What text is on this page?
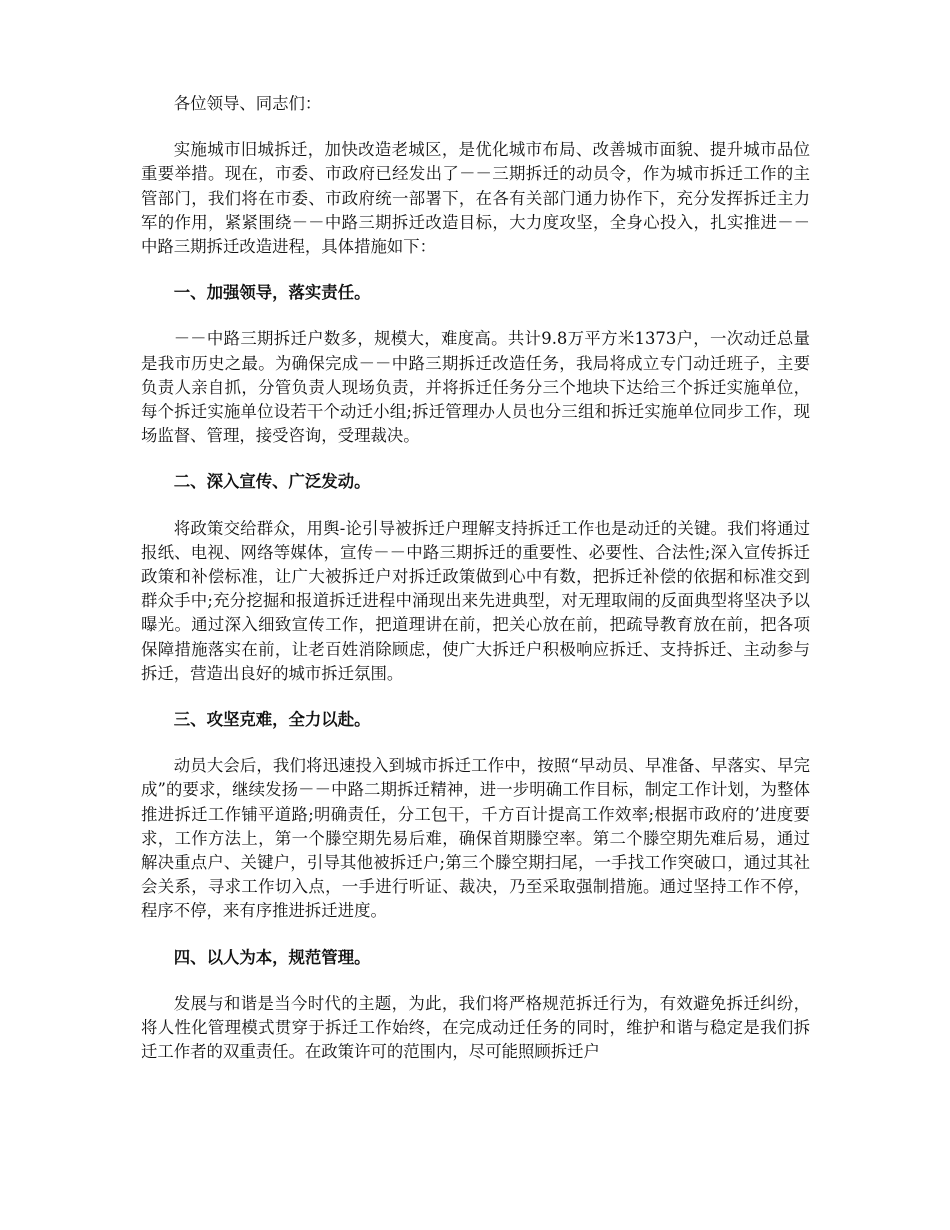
各位领导、同志们：

实施城市旧城拆迁，加快改造老城区，是优化城市布局、改善城市面貌、提升城市品位重要举措。现在，市委、市政府已经发出了－－三期拆迁的动员令，作为城市拆迁工作的主管部门，我们将在市委、市政府统一部署下，在各有关部门通力协作下，充分发挥拆迁主力军的作用，紧紧围绕－－中路三期拆迁改造目标，大力度攻坚，全身心投入，扎实推进－－中路三期拆迁改造进程，具体措施如下：

一、加强领导，落实责任。

－－中路三期拆迁户数多，规模大，难度高。共计9.8万平方米1373户，一次动迁总量是我市历史之最。为确保完成－－中路三期拆迁改造任务，我局将成立专门动迁班子，主要负责人亲自抓，分管负责人现场负责，并将拆迁任务分三个地块下达给三个拆迁实施单位，每个拆迁实施单位设若干个动迁小组;拆迁管理办人员也分三组和拆迁实施单位同步工作，现场监督、管理，接受咨询，受理裁决。

二、深入宣传、广泛发动。

将政策交给群众，用舆-论引导被拆迁户理解支持拆迁工作也是动迁的关键。我们将通过报纸、电视、网络等媒体，宣传－－中路三期拆迁的重要性、必要性、合法性;深入宣传拆迁政策和补偿标准，让广大被拆迁户对拆迁政策做到心中有数，把拆迁补偿的依据和标准交到群众手中;充分挖掘和报道拆迁进程中涌现出来先进典型，对无理取闹的反面典型将坚决予以曝光。通过深入细致宣传工作，把道理讲在前，把关心放在前，把疏导教育放在前，把各项保障措施落实在前，让老百姓消除顾虑，使广大拆迁户积极响应拆迁、支持拆迁、主动参与拆迁，营造出良好的城市拆迁氛围。

三、攻坚克难，全力以赴。

动员大会后，我们将迅速投入到城市拆迁工作中，按照“早动员、早准备、早落实、早完成”的要求，继续发扬－－中路二期拆迁精神，进一步明确工作目标，制定工作计划，为整体推进拆迁工作铺平道路;明确责任，分工包干，千方百计提高工作效率;根据市政府的’进度要求，工作方法上，第一个滕空期先易后难，确保首期滕空率。第二个滕空期先难后易，通过解决重点户、关键户，引导其他被拆迁户;第三个滕空期扫尾，一手找工作突破口，通过其社会关系，寻求工作切入点，一手进行听证、裁决，乃至采取强制措施。通过坚持工作不停，程序不停，来有序推进拆迁进度。

四、以人为本，规范管理。

发展与和谐是当今时代的主题，为此，我们将严格规范拆迁行为，有效避免拆迁纠纷，将人性化管理模式贯穿于拆迁工作始终，在完成动迁任务的同时，维护和谐与稳定是我们拆迁工作者的双重责任。在政策许可的范围内，尽可能照顾拆迁户
